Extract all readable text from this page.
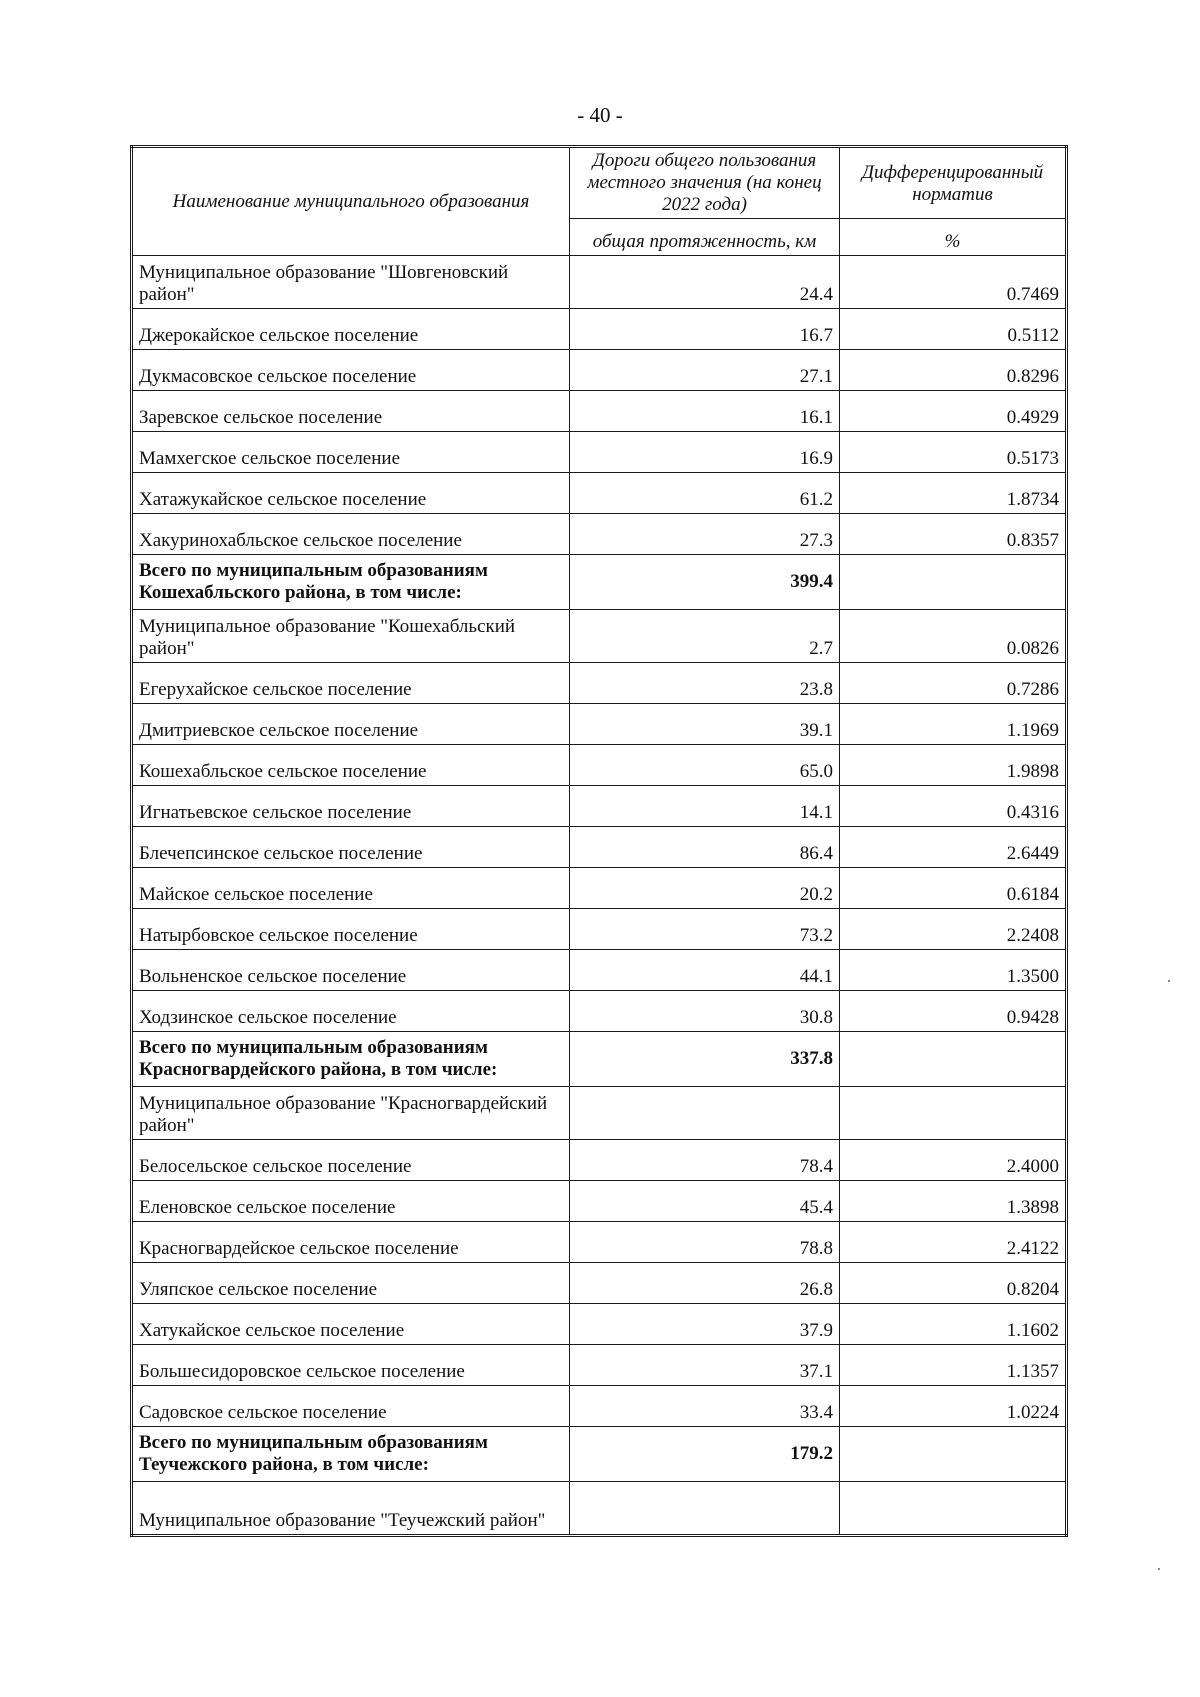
- 40 -
Наименование муниципального образования	Дороги общего пользования местного значения (на конец 2022 года)	Дифференцированный норматив
	общая протяженность, км	%
Муниципальное образование "Шовгеновский район"	24.4	0.7469
Джерокайское сельское поселение	16.7	0.5112
Дукмасовское сельское поселение	27.1	0.8296
Заревское сельское поселение	16.1	0.4929
Мамхегское сельское поселение	16.9	0.5173
Хатажукайское сельское поселение	61.2	1.8734
Хакуринохабльское сельское поселение	27.3	0.8357
Всего по муниципальным образованиям Кошехабльского района, в том числе:	399.4	
Муниципальное образование "Кошехабльский район"	2.7	0.0826
Егерухайское сельское поселение	23.8	0.7286
Дмитриевское сельское поселение	39.1	1.1969
Кошехабльское сельское поселение	65.0	1.9898
Игнатьевское сельское поселение	14.1	0.4316
Блечепсинское сельское поселение	86.4	2.6449
Майское сельское поселение	20.2	0.6184
Натырбовское сельское поселение	73.2	2.2408
Вольненское сельское поселение	44.1	1.3500
Ходзинское сельское поселение	30.8	0.9428
Всего по муниципальным образованиям Красногвардейского района, в том числе:	337.8	
Муниципальное образование "Красногвардейский район"		
Белосельское сельское поселение	78.4	2.4000
Еленовское сельское поселение	45.4	1.3898
Красногвардейское сельское поселение	78.8	2.4122
Уляпское сельское поселение	26.8	0.8204
Хатукайское сельское поселение	37.9	1.1602
Большесидоровское сельское поселение	37.1	1.1357
Садовское сельское поселение	33.4	1.0224
Всего по муниципальным образованиям Теучежского района, в том числе:	179.2	
Муниципальное образование "Теучежский район"		
